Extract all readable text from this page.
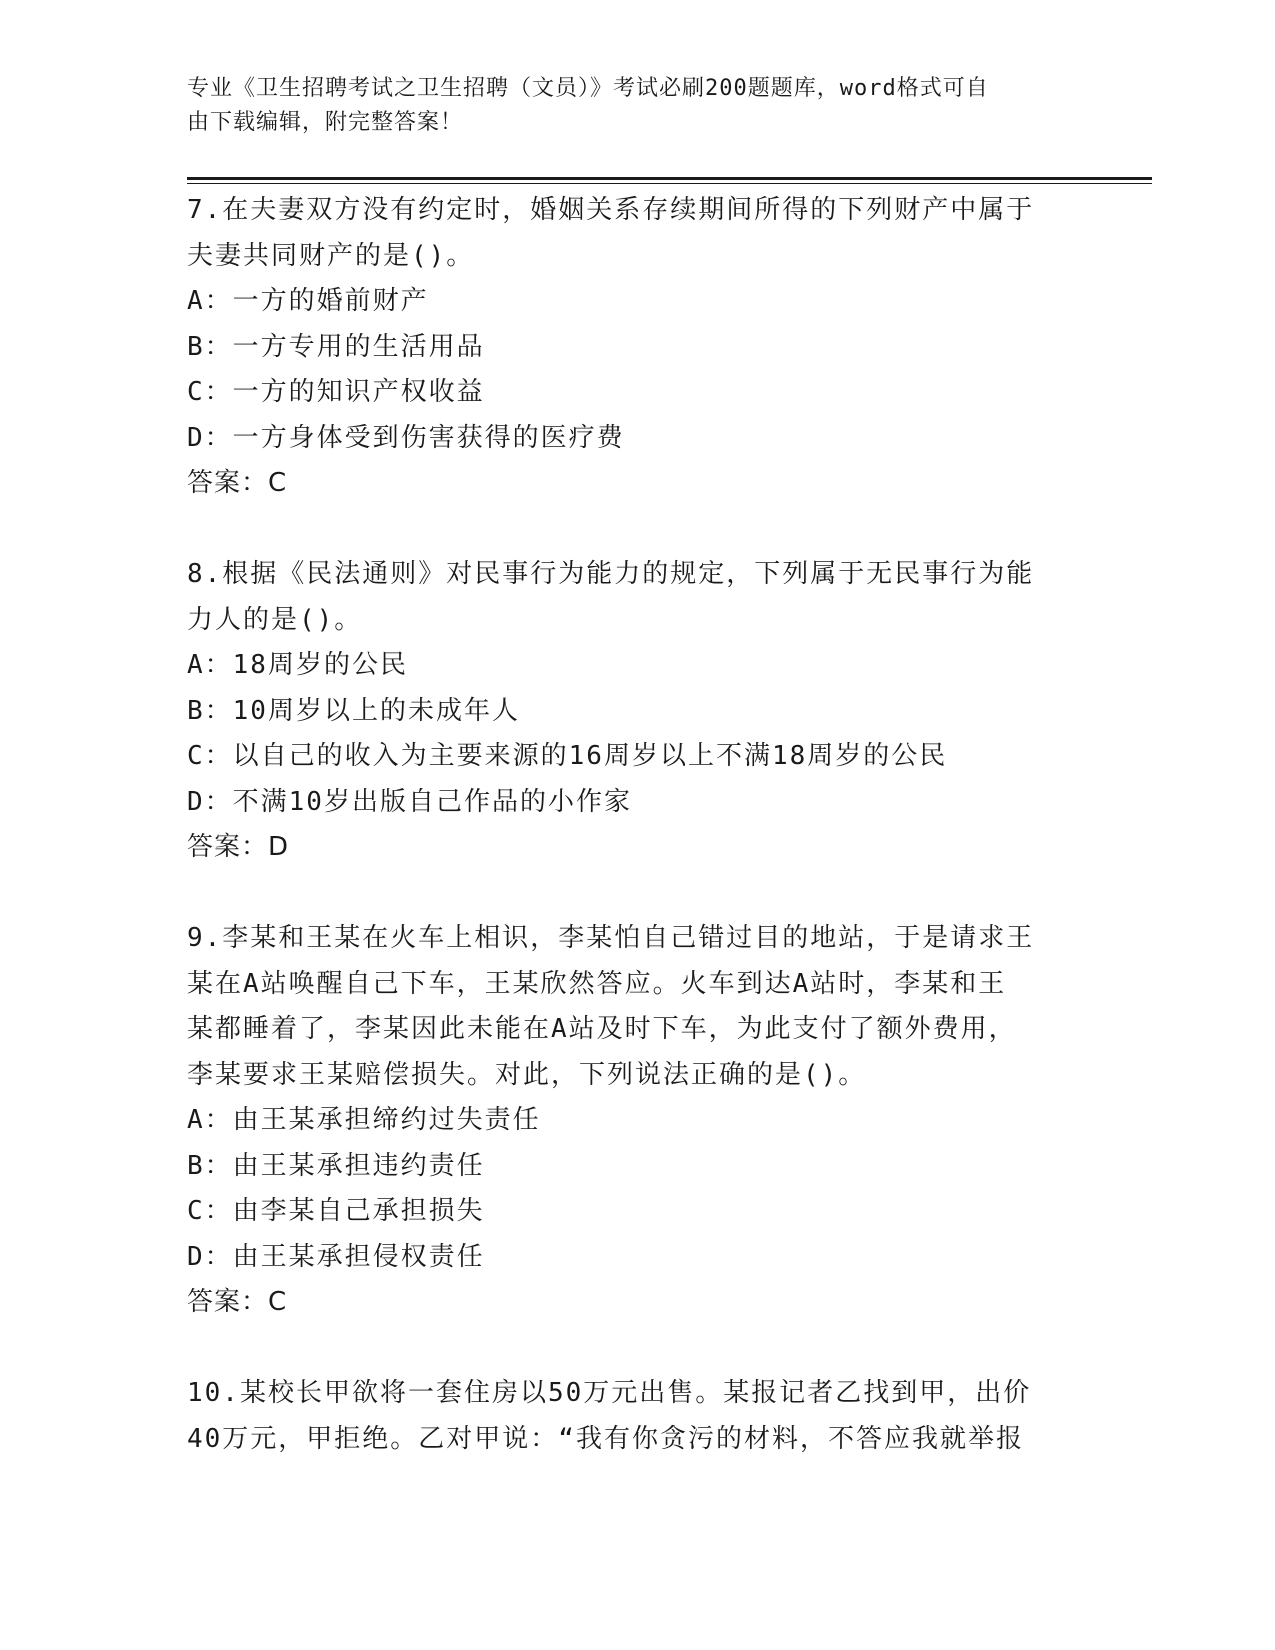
专业《卫生招聘考试之卫生招聘（文员）》考试必刷200题题库，word格式可自
由下载编辑，附完整答案！
7.在夫妻双方没有约定时，婚姻关系存续期间所得的下列财产中属于
夫妻共同财产的是()。
A：一方的婚前财产
B：一方专用的生活用品
C：一方的知识产权收益
D：一方身体受到伤害获得的医疗费
答案：C
8.根据《民法通则》对民事行为能力的规定，下列属于无民事行为能
力人的是()。
A：18周岁的公民
B：10周岁以上的未成年人
C：以自己的收入为主要来源的16周岁以上不满18周岁的公民
D：不满10岁出版自己作品的小作家
答案：D
9.李某和王某在火车上相识，李某怕自己错过目的地站，于是请求王
某在A站唤醒自己下车，王某欣然答应。火车到达A站时，李某和王
某都睡着了，李某因此未能在A站及时下车，为此支付了额外费用，
李某要求王某赔偿损失。对此，下列说法正确的是()。
A：由王某承担缔约过失责任
B：由王某承担违约责任
C：由李某自己承担损失
D：由王某承担侵权责任
答案：C
10.某校长甲欲将一套住房以50万元出售。某报记者乙找到甲，出价
40万元，甲拒绝。乙对甲说：“我有你贪污的材料，不答应我就举报
